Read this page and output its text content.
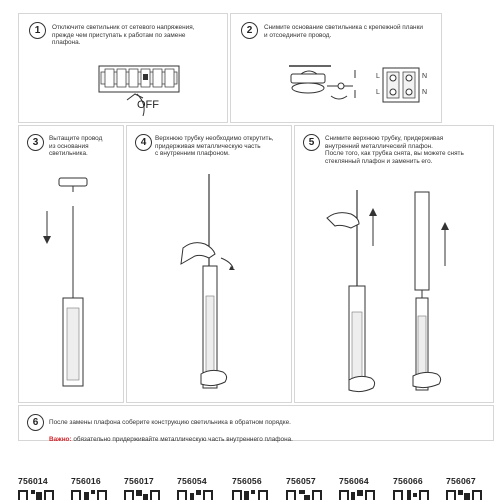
1	Отключите светильник от сетевого напряжения,
прежде чем приступать к работам по замене
плафона.
OFF
2	Снимите основание светильника с крепежной планки
и отсоедините провод.
L	N
L	N
3	Вытащите провод
из основания
светильника.
4	Верхнюю трубку необходимо открутить,
придерживая металлическую часть
с внутренним плафоном.
5	Снимите верхнюю трубку, придерживая
внутренний металлический плафон.
После того, как трубка снята, вы можете снять
стеклянный плафон и заменить его.
6	После замены плафона соберите конструкцию светильника в обратном порядке.

Важно: обязательно придерживайте металлическую часть внутреннего плафона.

756014	756016	756017	756054	756056	756057	756064	756066	756067
